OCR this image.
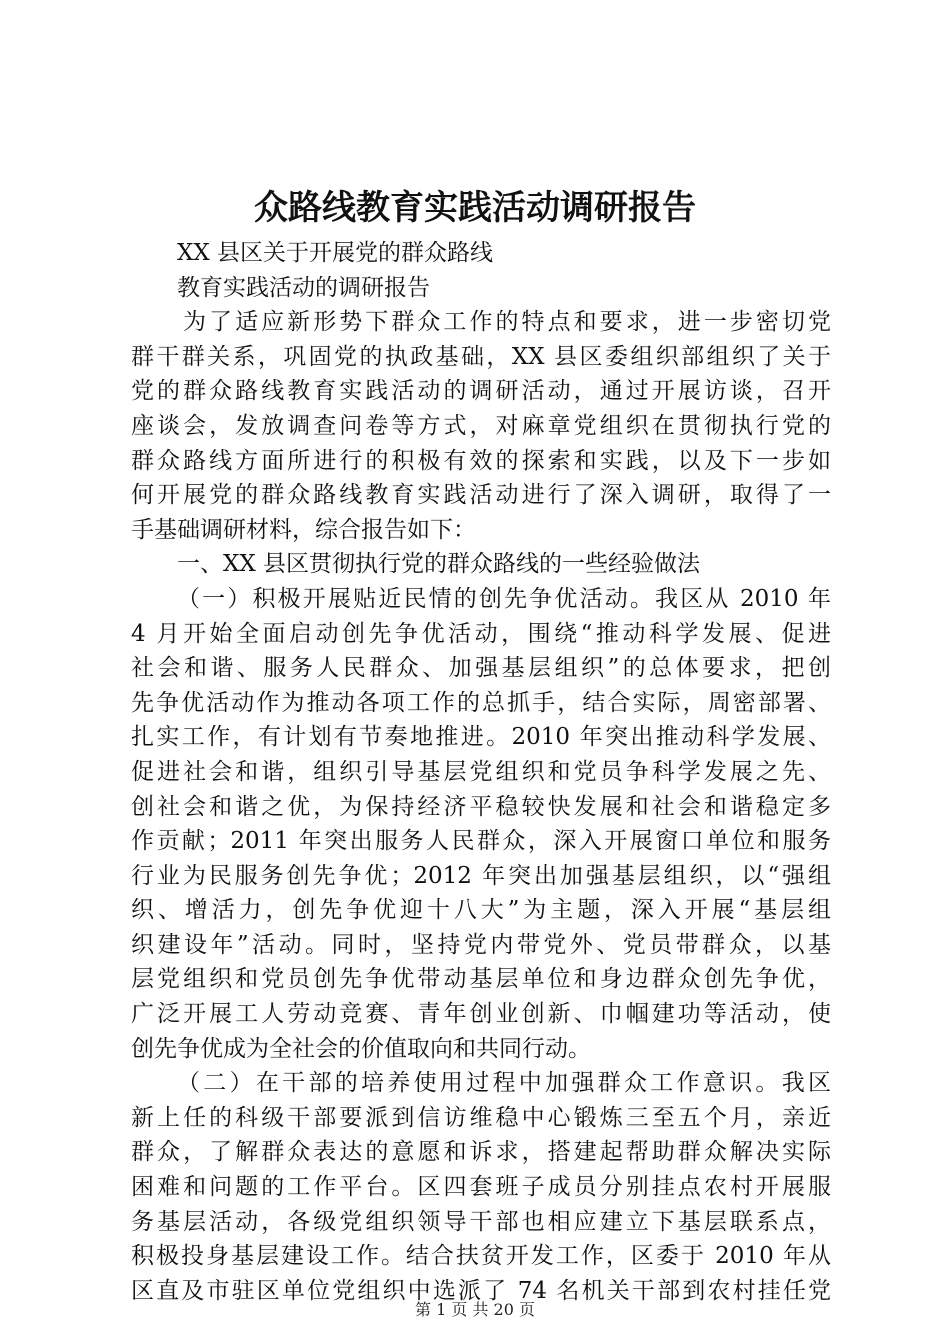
众路线教育实践活动调研报告
XX 县区关于开展党的群众路线
教育实践活动的调研报告
为了适应新形势下群众工作的特点和要求，进一步密切党
群干群关系，巩固党的执政基础，XX 县区委组织部组织了关于
党的群众路线教育实践活动的调研活动，通过开展访谈，召开
座谈会，发放调查问卷等方式，对麻章党组织在贯彻执行党的
群众路线方面所进行的积极有效的探索和实践，以及下一步如
何开展党的群众路线教育实践活动进行了深入调研，取得了一
手基础调研材料，综合报告如下：
一、XX 县区贯彻执行党的群众路线的一些经验做法
（一）积极开展贴近民情的创先争优活动。我区从 2010 年
4 月开始全面启动创先争优活动，围绕“推动科学发展、促进
社会和谐、服务人民群众、加强基层组织”的总体要求，把创
先争优活动作为推动各项工作的总抓手，结合实际，周密部署、
扎实工作，有计划有节奏地推进。2010 年突出推动科学发展、
促进社会和谐，组织引导基层党组织和党员争科学发展之先、
创社会和谐之优，为保持经济平稳较快发展和社会和谐稳定多
作贡献；2011 年突出服务人民群众，深入开展窗口单位和服务
行业为民服务创先争优；2012 年突出加强基层组织，以“强组
织、增活力，创先争优迎十八大”为主题，深入开展“基层组
织建设年”活动。同时，坚持党内带党外、党员带群众，以基
层党组织和党员创先争优带动基层单位和身边群众创先争优，
广泛开展工人劳动竞赛、青年创业创新、巾帼建功等活动，使
创先争优成为全社会的价值取向和共同行动。
（二）在干部的培养使用过程中加强群众工作意识。我区
新上任的科级干部要派到信访维稳中心锻炼三至五个月，亲近
群众，了解群众表达的意愿和诉求，搭建起帮助群众解决实际
困难和问题的工作平台。区四套班子成员分别挂点农村开展服
务基层活动，各级党组织领导干部也相应建立下基层联系点，
积极投身基层建设工作。结合扶贫开发工作，区委于 2010 年从
区直及市驻区单位党组织中选派了 74 名机关干部到农村挂任党
第 1 页 共 20 页
